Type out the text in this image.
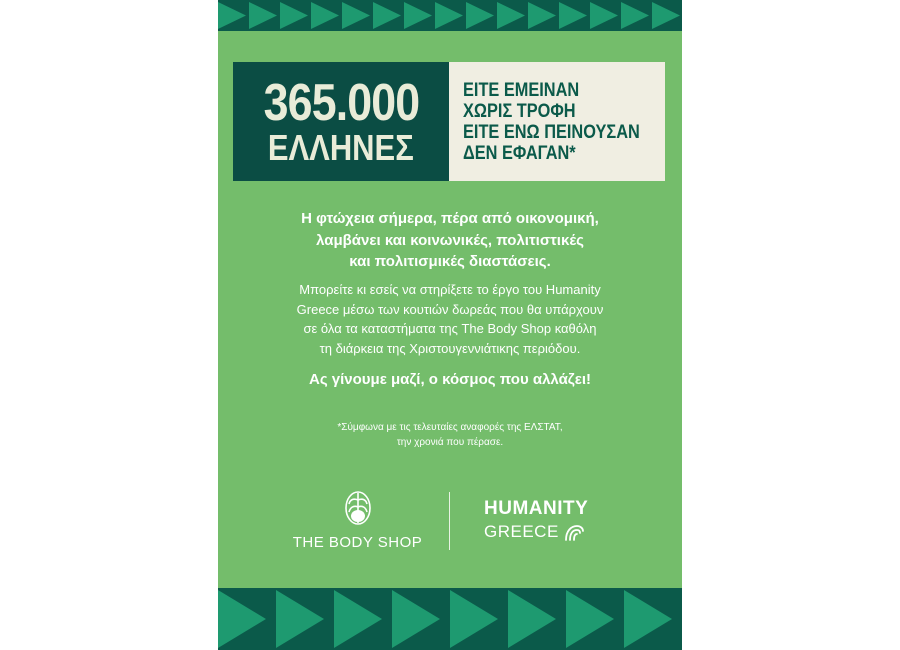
365.000
ΕΛΛΗΝΕΣ
ΕΙΤΕ ΕΜΕΙΝΑΝ
ΧΩΡΙΣ ΤΡΟΦΗ
ΕΙΤΕ ΕΝΩ ΠΕΙΝΟΥΣΑΝ
ΔΕΝ ΕΦΑΓΑΝ*
Η φτώχεια σήμερα, πέρα από οικονομική,
λαμβάνει και κοινωνικές, πολιτιστικές
και πολιτισμικές διαστάσεις.
Μπορείτε κι εσείς να στηρίξετε το έργο του Humanity
Greece μέσω των κουτιών δωρεάς που θα υπάρχουν
σε όλα τα καταστήματα της The Body Shop καθόλη
τη διάρκεια της Χριστουγεννιάτικης περιόδου.
Ας γίνουμε μαζί, ο κόσμος που αλλάζει!
*Σύμφωνα με τις τελευταίες αναφορές της ΕΛΣΤΑΤ,
την χρονιά που πέρασε.
THE BODY SHOP
HUMANITY
GREECE
